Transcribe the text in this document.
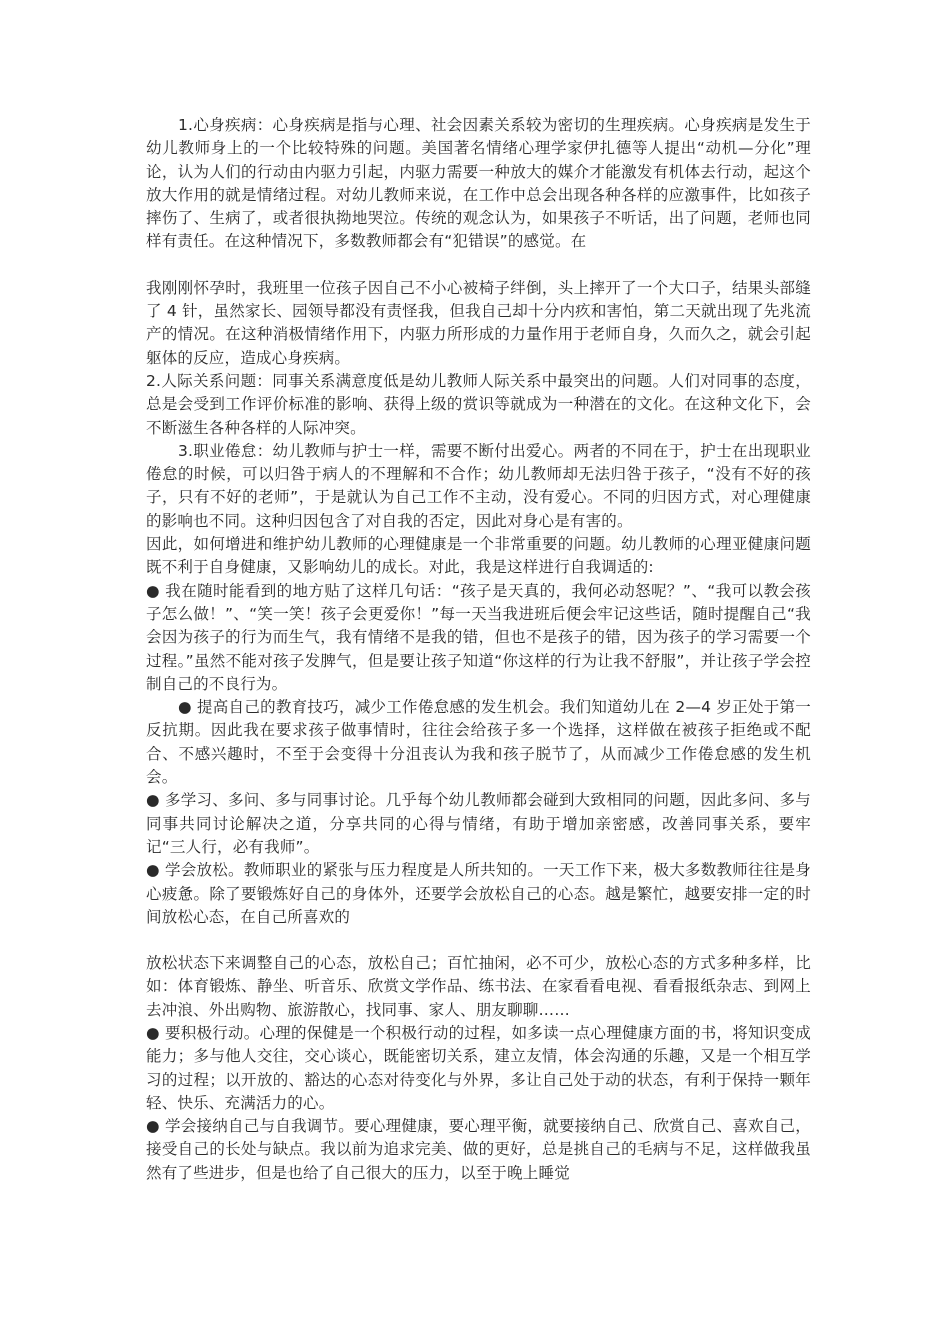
1.心身疾病：心身疾病是指与心理、社会因素关系较为密切的生理疾病。心身疾病是发生于幼儿教师身上的一个比较特殊的问题。美国著名情绪心理学家伊扎德等人提出“动机—分化”理论，认为人们的行动由内驱力引起，内驱力需要一种放大的媒介才能激发有机体去行动，起这个放大作用的就是情绪过程。对幼儿教师来说，在工作中总会出现各种各样的应激事件，比如孩子摔伤了、生病了，或者很执拗地哭泣。传统的观念认为，如果孩子不听话，出了问题，老师也同样有责任。在这种情况下，多数教师都会有“犯错误”的感觉。在

我刚刚怀孕时，我班里一位孩子因自己不小心被椅子绊倒，头上摔开了一个大口子，结果头部缝了 4 针，虽然家长、园领导都没有责怪我，但我自己却十分内疚和害怕，第二天就出现了先兆流产的情况。在这种消极情绪作用下，内驱力所形成的力量作用于老师自身，久而久之，就会引起躯体的反应，造成心身疾病。

2.人际关系问题：同事关系满意度低是幼儿教师人际关系中最突出的问题。人们对同事的态度，总是会受到工作评价标准的影响、获得上级的赏识等就成为一种潜在的文化。在这种文化下，会不断滋生各种各样的人际冲突。

3.职业倦怠：幼儿教师与护士一样，需要不断付出爱心。两者的不同在于，护士在出现职业倦怠的时候，可以归咎于病人的不理解和不合作；幼儿教师却无法归咎于孩子，“没有不好的孩子，只有不好的老师”，于是就认为自己工作不主动，没有爱心。不同的归因方式，对心理健康的影响也不同。这种归因包含了对自我的否定，因此对身心是有害的。

因此，如何增进和维护幼儿教师的心理健康是一个非常重要的问题。幼儿教师的心理亚健康问题既不利于自身健康，又影响幼儿的成长。对此，我是这样进行自我调适的:

● 我在随时能看到的地方贴了这样几句话：“孩子是天真的，我何必动怒呢？”、“我可以教会孩子怎么做！”、“笑一笑！孩子会更爱你！”每一天当我进班后便会牢记这些话，随时提醒自己“我会因为孩子的行为而生气，我有情绪不是我的错，但也不是孩子的错，因为孩子的学习需要一个过程。”虽然不能对孩子发脾气，但是要让孩子知道“你这样的行为让我不舒服”，并让孩子学会控制自己的不良行为。

● 提高自己的教育技巧，减少工作倦怠感的发生机会。我们知道幼儿在 2—4 岁正处于第一反抗期。因此我在要求孩子做事情时，往往会给孩子多一个选择，这样做在被孩子拒绝或不配合、不感兴趣时，不至于会变得十分沮丧认为我和孩子脱节了，从而减少工作倦怠感的发生机会。

● 多学习、多问、多与同事讨论。几乎每个幼儿教师都会碰到大致相同的问题，因此多问、多与同事共同讨论解决之道，分享共同的心得与情绪，有助于增加亲密感，改善同事关系，要牢记“三人行，必有我师”。

● 学会放松。教师职业的紧张与压力程度是人所共知的。一天工作下来，极大多数教师往往是身心疲惫。除了要锻炼好自己的身体外，还要学会放松自己的心态。越是繁忙，越要安排一定的时间放松心态，在自己所喜欢的

放松状态下来调整自己的心态，放松自己；百忙抽闲，必不可少，放松心态的方式多种多样，比如：体育锻炼、静坐、听音乐、欣赏文学作品、练书法、在家看看电视、看看报纸杂志、到网上去冲浪、外出购物、旅游散心，找同事、家人、朋友聊聊……

● 要积极行动。心理的保健是一个积极行动的过程，如多读一点心理健康方面的书，将知识变成能力；多与他人交往，交心谈心，既能密切关系，建立友情，体会沟通的乐趣，又是一个相互学习的过程；以开放的、豁达的心态对待变化与外界，多让自己处于动的状态，有利于保持一颗年轻、快乐、充满活力的心。

● 学会接纳自己与自我调节。要心理健康，要心理平衡，就要接纳自己、欣赏自己、喜欢自己，接受自己的长处与缺点。我以前为追求完美、做的更好，总是挑自己的毛病与不足，这样做我虽然有了些进步，但是也给了自己很大的压力，以至于晚上睡觉
